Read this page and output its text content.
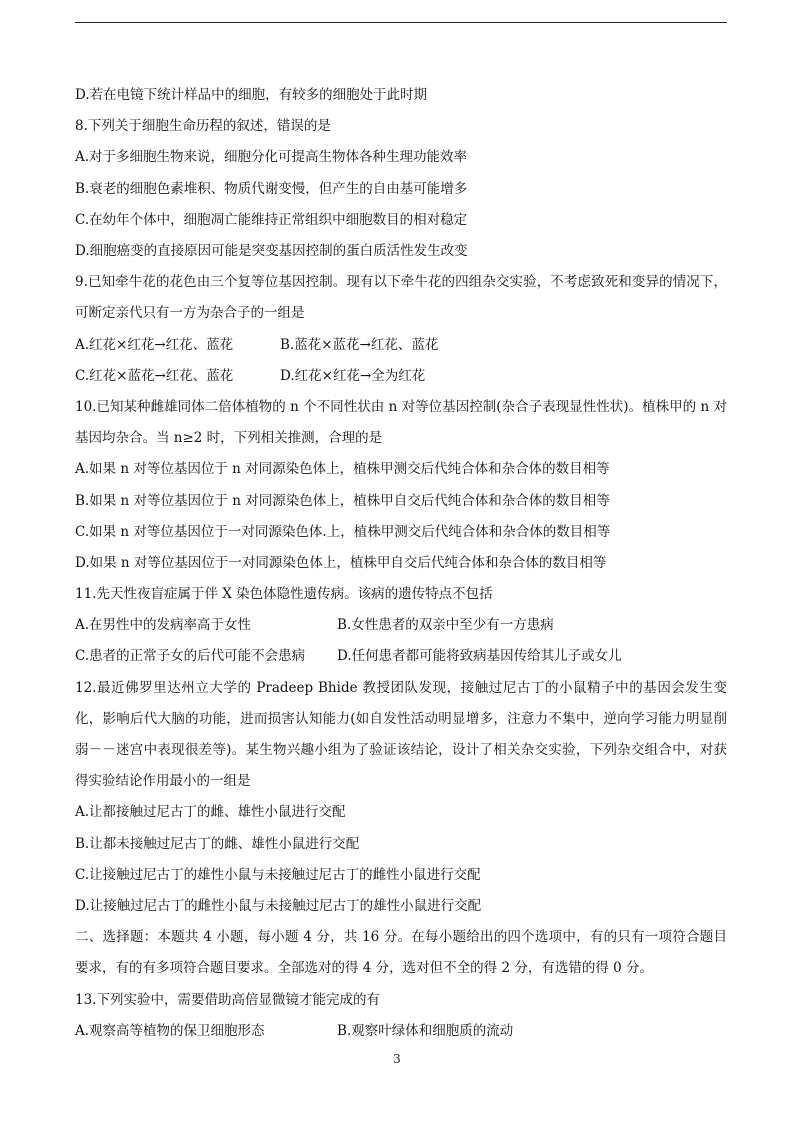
D.若在电镜下统计样品中的细胞，有较多的细胞处于此时期
8.下列关于细胞生命历程的叙述，错误的是
A.对于多细胞生物来说，细胞分化可提高生物体各种生理功能效率
B.衰老的细胞色素堆积、物质代谢变慢，但产生的自由基可能增多
C.在幼年个体中，细胞凋亡能维持正常组织中细胞数目的相对稳定
D.细胞癌变的直接原因可能是突变基因控制的蛋白质活性发生改变
9.已知牵牛花的花色由三个复等位基因控制。现有以下牵牛花的四组杂交实验，不考虑致死和变异的情况下，可断定亲代只有一方为杂合子的一组是
A.红花×红花→红花、蓝花	B.蓝花×蓝花→红花、蓝花
C.红花×蓝花→红花、蓝花	D.红花×红花→全为红花
10.已知某种雌雄同体二倍体植物的 n 个不同性状由 n 对等位基因控制(杂合子表现显性性状)。植株甲的 n 对基因均杂合。当 n≥2 时，下列相关推测，合理的是
A.如果 n 对等位基因位于 n 对同源染色体上，植株甲测交后代纯合体和杂合体的数目相等
B.如果 n 对等位基因位于 n 对同源染色体上，植株甲自交后代纯合体和杂合体的数目相等
C.如果 n 对等位基因位于一对同源染色体.上，植株甲测交后代纯合体和杂合体的数目相等
D.如果 n 对等位基因位于一对同源染色体上，植株甲自交后代纯合体和杂合体的数目相等
11.先天性夜盲症属于伴 X 染色体隐性遗传病。该病的遗传特点不包括
A.在男性中的发病率高于女性	B.女性患者的双亲中至少有一方患病
C.患者的正常子女的后代可能不会患病	D.任何患者都可能将致病基因传给其儿子或女儿
12.最近佛罗里达州立大学的 Pradeep Bhide 教授团队发现，接触过尼古丁的小鼠精子中的基因会发生变化，影响后代大脑的功能，进而损害认知能力(如自发性活动明显增多，注意力不集中，逆向学习能力明显削弱－－迷宫中表现很差等)。某生物兴趣小组为了验证该结论，设计了相关杂交实验，下列杂交组合中，对获得实验结论作用最小的一组是
A.让都接触过尼古丁的雌、雄性小鼠进行交配
B.让都未接触过尼古丁的雌、雄性小鼠进行交配
C.让接触过尼古丁的雄性小鼠与未接触过尼古丁的雌性小鼠进行交配
D.让接触过尼古丁的雌性小鼠与未接触过尼古丁的雄性小鼠进行交配
二、选择题：本题共 4 小题，每小题 4 分，共 16 分。在每小题给出的四个选项中，有的只有一项符合题目要求，有的有多项符合题目要求。全部选对的得 4 分，选对但不全的得 2 分，有选错的得 0 分。
13.下列实验中，需要借助高倍显微镜才能完成的有
A.观察高等植物的保卫细胞形态	B.观察叶绿体和细胞质的流动
3
